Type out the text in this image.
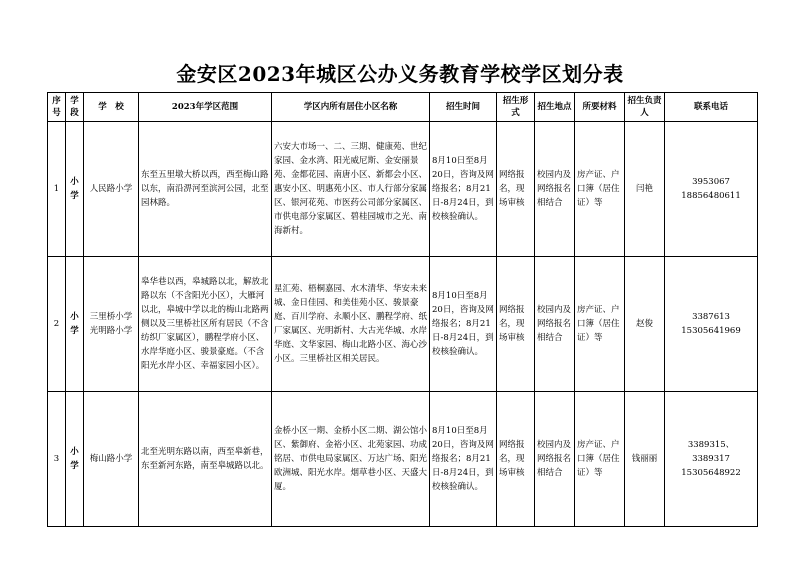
金安区2023年城区公办义务教育学校学区划分表
序号	学段	学　校	2023年学区范围	学区内所有居住小区名称	招生时间	招生形式	招生地点	所要材料	招生负责人	联系电话
1	小学	人民路小学	东至五里墩大桥以西，西至梅山路以东，南沿淠河至滨河公园，北至园林路。	六安大市场一、二、三期、健康苑、世纪家园、金水湾、阳光威尼斯、金安丽景苑、金都花园、南唐小区、新都会小区、惠安小区、明惠苑小区、市人行部分家属区、银河花苑、市医药公司部分家属区、市供电部分家属区、碧桂园城市之光、南海新村。	8月10日至8月20日，咨询及网络报名；8月21日-8月24日，到校核验确认。	网络报名，现场审核	校园内及网络报名相结合	房产证、户口簿（居住证）等	闫艳	3953067
18856480611

2	小学	三里桥小学光明路小学	皋华巷以西，皋城路以北，解放北路以东（不含阳光小区），大雁河以北，皋城中学以北的梅山北路两侧以及三里桥社区所有居民（不含纺织厂家属区），鹏程学府小区、水岸华庭小区、骏景豪庭。（不含阳光水岸小区、幸福家园小区）。	星汇苑、梧桐嘉园、水木清华、华安未来城、金日佳园、和美佳苑小区、骏景豪庭、百川学府、永顺小区、鹏程学府、纸厂家属区、光明新村、大古光华城、水岸华庭、文华家园、梅山北路小区、海心沙小区。三里桥社区相关居民。	8月10日至8月20日，咨询及网络报名；8月21日-8月24日，到校核验确认。	网络报名，现场审核	校园内及网络报名相结合	房产证、户口簿（居住证）等	赵俊	3387613
15305641969

3	小学	梅山路小学	北至光明东路以南，西至皋新巷，东至新河东路，南至皋城路以北。	金桥小区一期、金桥小区二期、湖公馆小区、紫御府、金裕小区、北苑家园、功成铭居、市供电局家属区、万达广场、阳光欧洲城、阳光水岸。烟草巷小区、天盛大厦。	8月10日至8月20日，咨询及网络报名；8月21日-8月24日，到校核验确认。	网络报名，现场审核	校园内及网络报名相结合	房产证、户口簿（居住证）等	钱丽丽	3389315、
3389317
15305648922
